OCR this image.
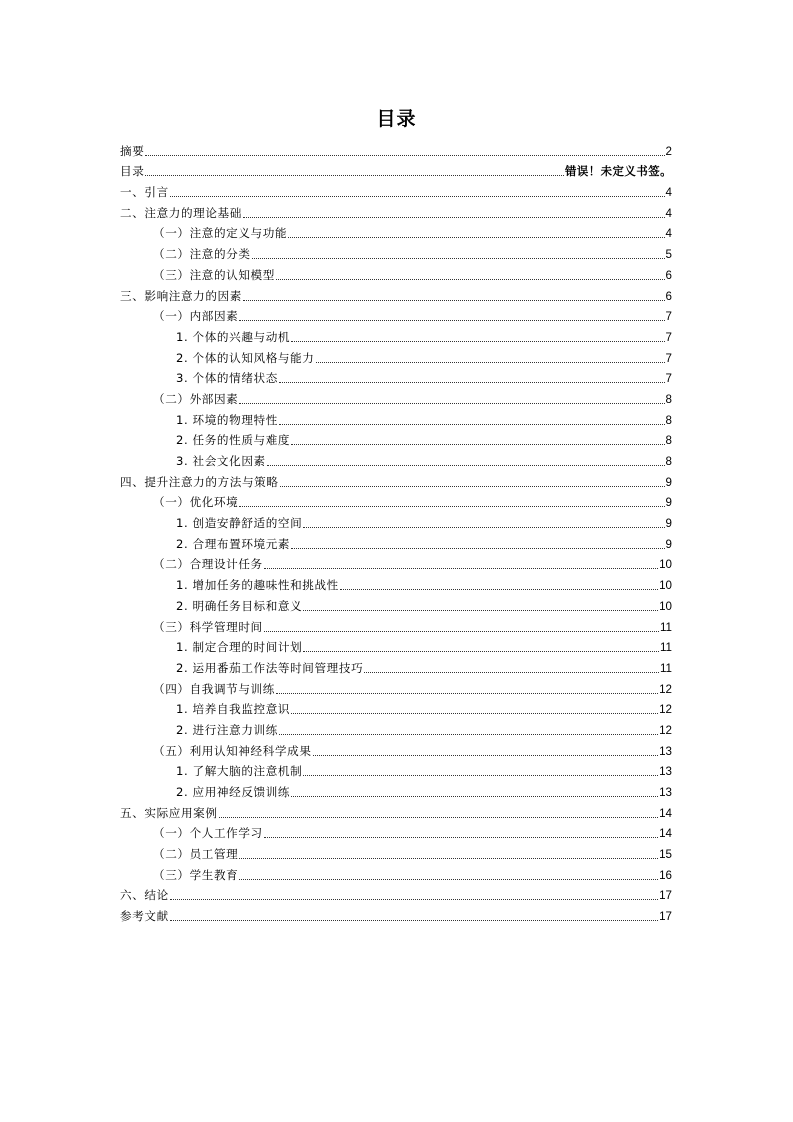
目录
摘要	2
目录	错误！未定义书签。
一、引言	4
二、注意力的理论基础	4
（一）注意的定义与功能	4
（二）注意的分类	5
（三）注意的认知模型	6
三、影响注意力的因素	6
（一）内部因素	7
1. 个体的兴趣与动机	7
2. 个体的认知风格与能力	7
3. 个体的情绪状态	7
（二）外部因素	8
1. 环境的物理特性	8
2. 任务的性质与难度	8
3. 社会文化因素	8
四、提升注意力的方法与策略	9
（一）优化环境	9
1. 创造安静舒适的空间	9
2. 合理布置环境元素	9
（二）合理设计任务	10
1. 增加任务的趣味性和挑战性	10
2. 明确任务目标和意义	10
（三）科学管理时间	11
1. 制定合理的时间计划	11
2. 运用番茄工作法等时间管理技巧	11
（四）自我调节与训练	12
1. 培养自我监控意识	12
2. 进行注意力训练	12
（五）利用认知神经科学成果	13
1. 了解大脑的注意机制	13
2. 应用神经反馈训练	13
五、实际应用案例	14
（一）个人工作学习	14
（二）员工管理	15
（三）学生教育	16
六、结论	17
参考文献	17
